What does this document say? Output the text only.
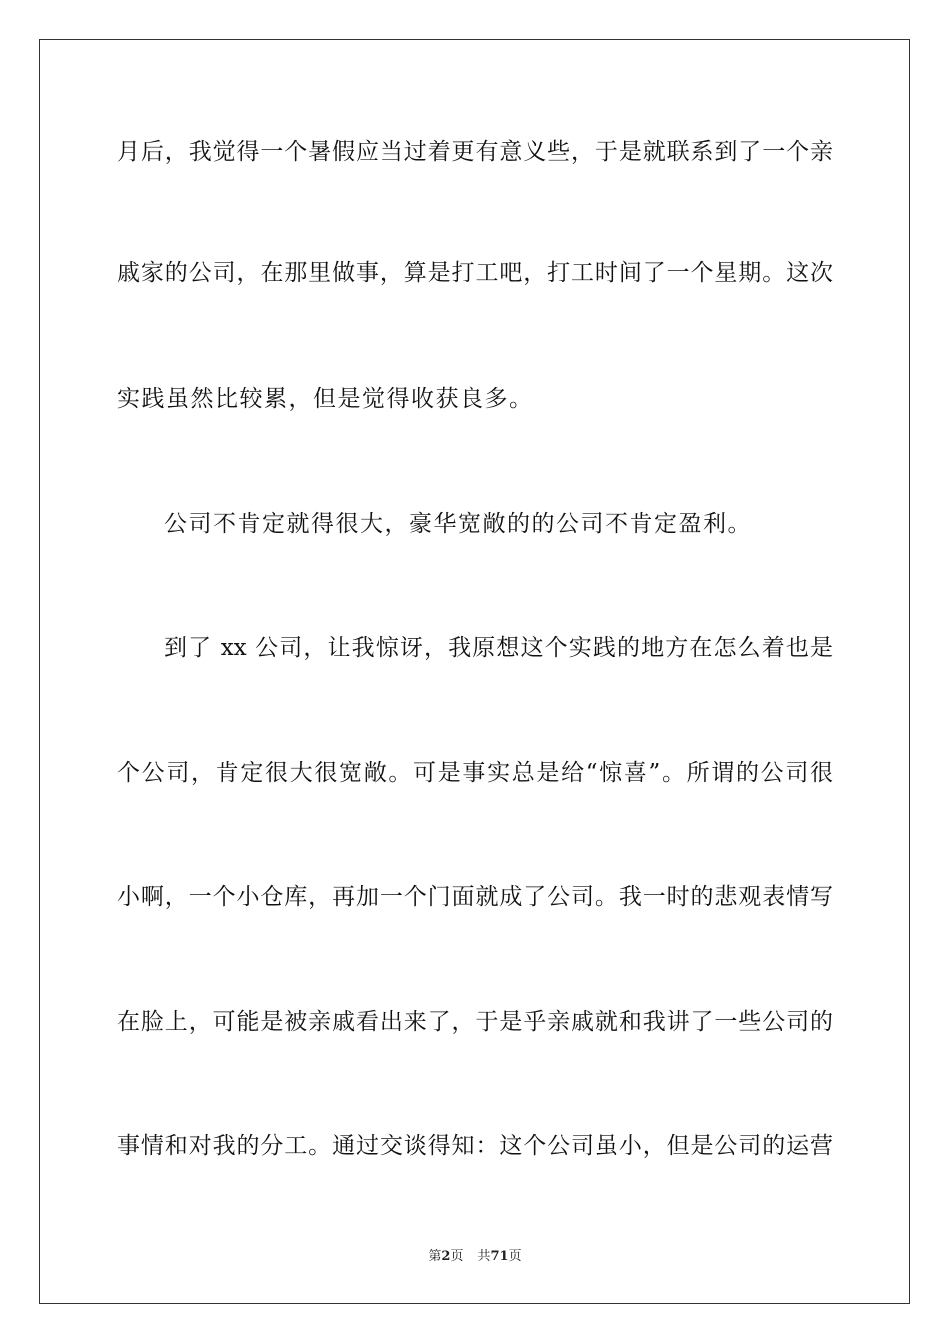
月后，我觉得一个暑假应当过着更有意义些，于是就联系到了一个亲
戚家的公司，在那里做事，算是打工吧，打工时间了一个星期。这次
实践虽然比较累，但是觉得收获良多。
公司不肯定就得很大，豪华宽敞的的公司不肯定盈利。
到了 xx 公司，让我惊讶，我原想这个实践的地方在怎么着也是
个公司，肯定很大很宽敞。可是事实总是给“惊喜”。所谓的公司很
小啊，一个小仓库，再加一个门面就成了公司。我一时的悲观表情写
在脸上，可能是被亲戚看出来了，于是乎亲戚就和我讲了一些公司的
事情和对我的分工。通过交谈得知：这个公司虽小，但是公司的运营
第2页 共71页
